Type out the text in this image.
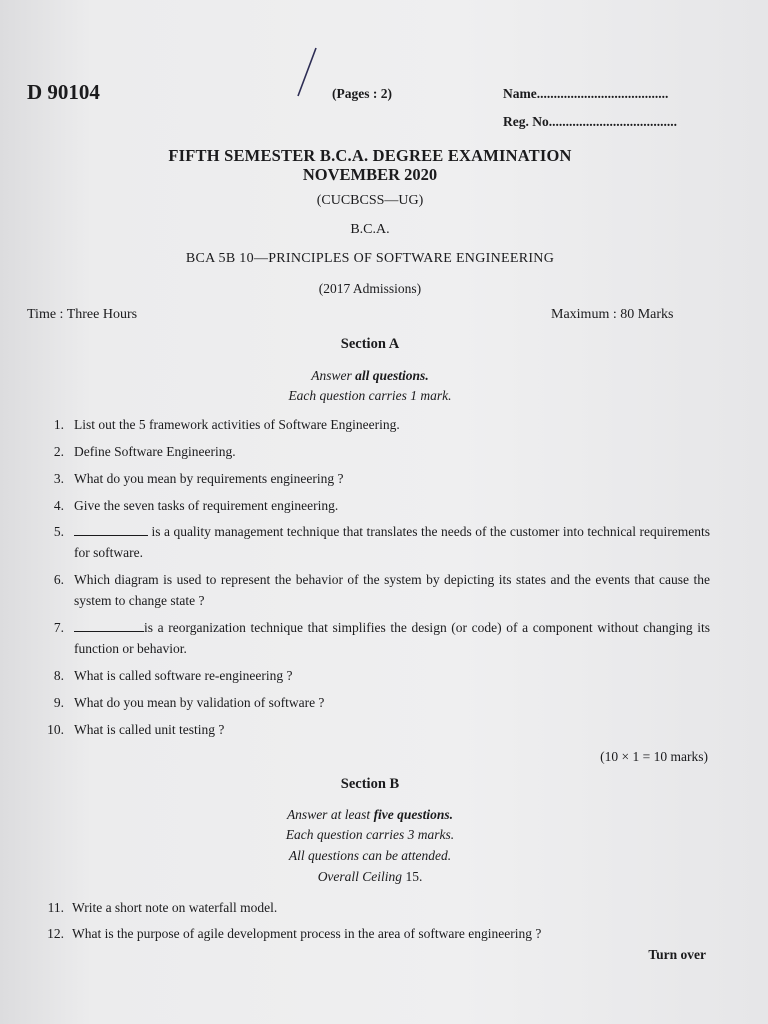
D 90104	(Pages : 2)	Name.......................................
Reg. No......................................
FIFTH SEMESTER B.C.A. DEGREE EXAMINATION
NOVEMBER 2020
(CUCBCSS—UG)
B.C.A.
BCA 5B 10—PRINCIPLES OF SOFTWARE ENGINEERING
(2017 Admissions)
Time : Three Hours	Maximum : 80 Marks
Section A
Answer all questions.
Each question carries 1 mark.
1. List out the 5 framework activities of Software Engineering.
2. Define Software Engineering.
3. What do you mean by requirements engineering ?
4. Give the seven tasks of requirement engineering.
5.	is a quality management technique that translates the needs of the customer into technical requirements for software.
6. Which diagram is used to represent the behavior of the system by depicting its states and the events that cause the system to change state ?
7.	is a reorganization technique that simplifies the design (or code) of a component without changing its function or behavior.
8. What is called software re-engineering ?
9. What do you mean by validation of software ?
10. What is called unit testing ?
(10 × 1 = 10 marks)
Section B
Answer at least five questions.
Each question carries 3 marks.
All questions can be attended.
Overall Ceiling 15.
11. Write a short note on waterfall model.
12. What is the purpose of agile development process in the area of software engineering ?
Turn over
